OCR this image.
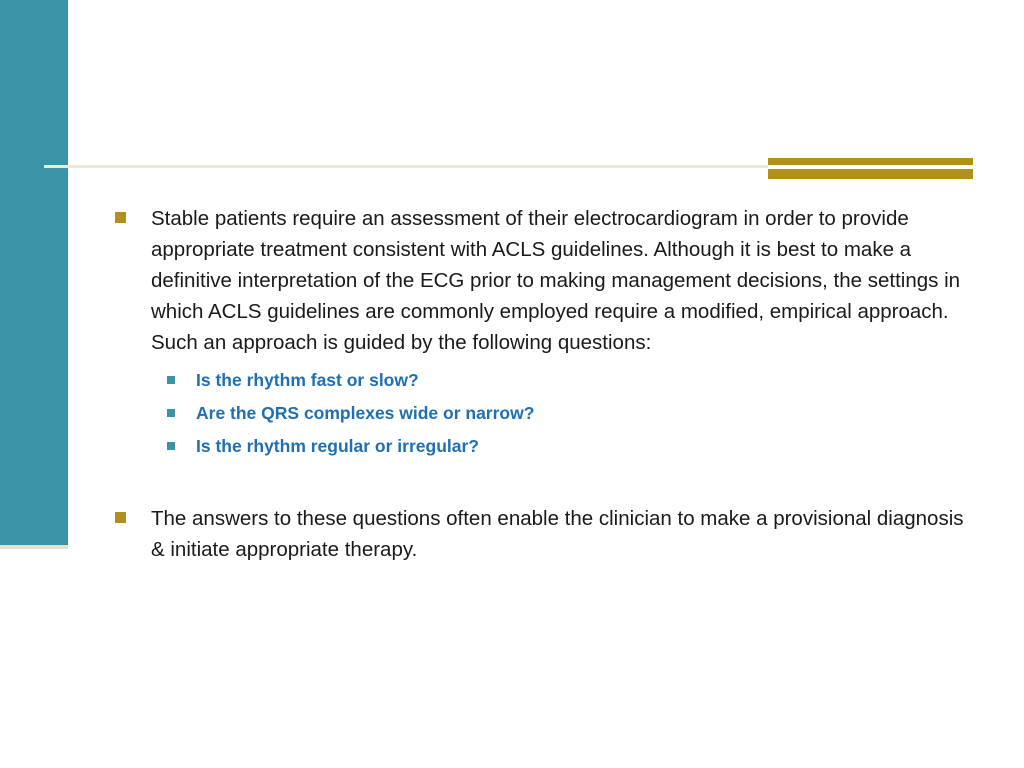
Stable patients require an assessment of their electrocardiogram in order to provide appropriate treatment consistent with ACLS guidelines. Although it is best to make a definitive interpretation of the ECG prior to making management decisions, the settings in which ACLS guidelines are commonly employed require a modified, empirical approach. Such an approach is guided by the following questions:
Is the rhythm fast or slow?
Are the QRS complexes wide or narrow?
Is the rhythm regular or irregular?
The answers to these questions often enable the clinician to make a provisional diagnosis & initiate appropriate therapy.
